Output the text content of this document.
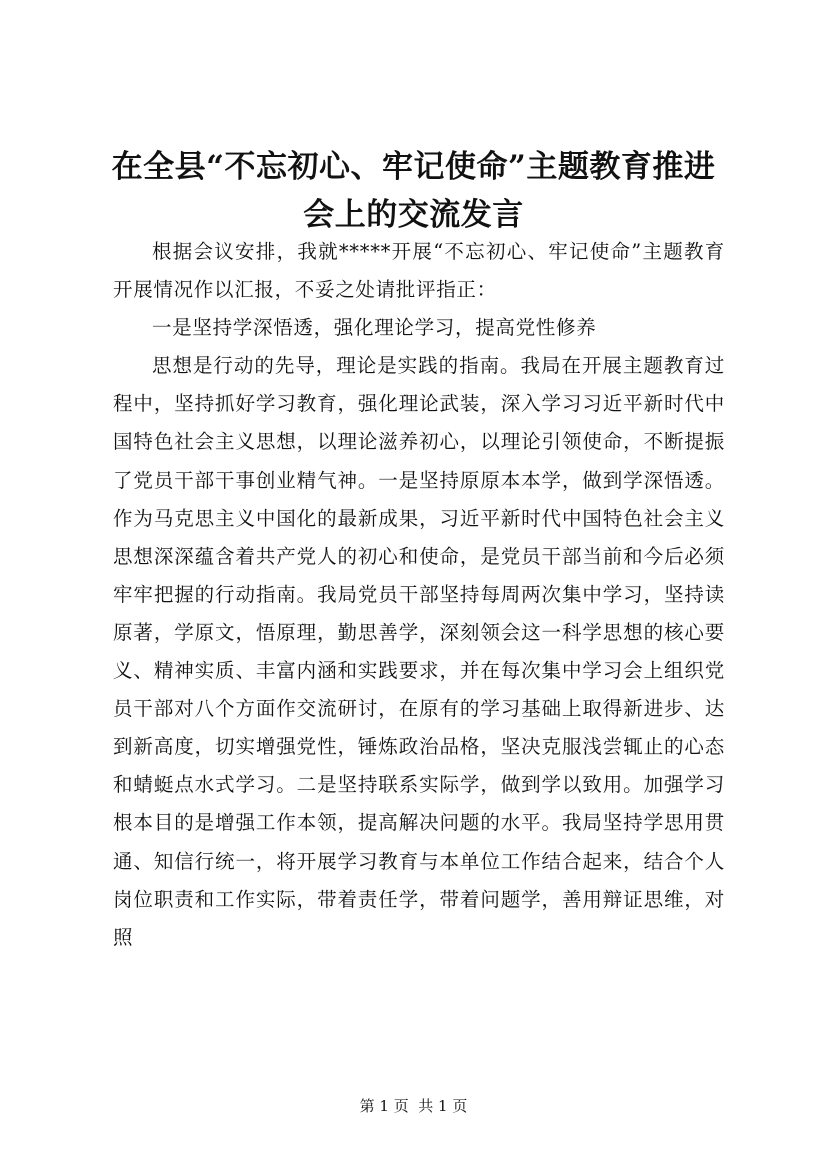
在全县“不忘初心、牢记使命”主题教育推进会上的交流发言

根据会议安排，我就*****开展“不忘初心、牢记使命”主题教育开展情况作以汇报，不妥之处请批评指正：

一是坚持学深悟透，强化理论学习，提高党性修养

思想是行动的先导，理论是实践的指南。我局在开展主题教育过程中，坚持抓好学习教育，强化理论武装，深入学习习近平新时代中国特色社会主义思想，以理论滋养初心，以理论引领使命，不断提振了党员干部干事创业精气神。一是坚持原原本本学，做到学深悟透。作为马克思主义中国化的最新成果，习近平新时代中国特色社会主义思想深深蕴含着共产党人的初心和使命，是党员干部当前和今后必须牢牢把握的行动指南。我局党员干部坚持每周两次集中学习，坚持读原著，学原文，悟原理，勤思善学，深刻领会这一科学思想的核心要义、精神实质、丰富内涵和实践要求，并在每次集中学习会上组织党员干部对八个方面作交流研讨，在原有的学习基础上取得新进步、达到新高度，切实增强党性，锤炼政治品格，坚决克服浅尝辄止的心态和蜻蜓点水式学习。二是坚持联系实际学，做到学以致用。加强学习根本目的是增强工作本领，提高解决问题的水平。我局坚持学思用贯通、知信行统一，将开展学习教育与本单位工作结合起来，结合个人岗位职责和工作实际，带着责任学，带着问题学，善用辩证思维，对照

第 1 页  共 1 页
